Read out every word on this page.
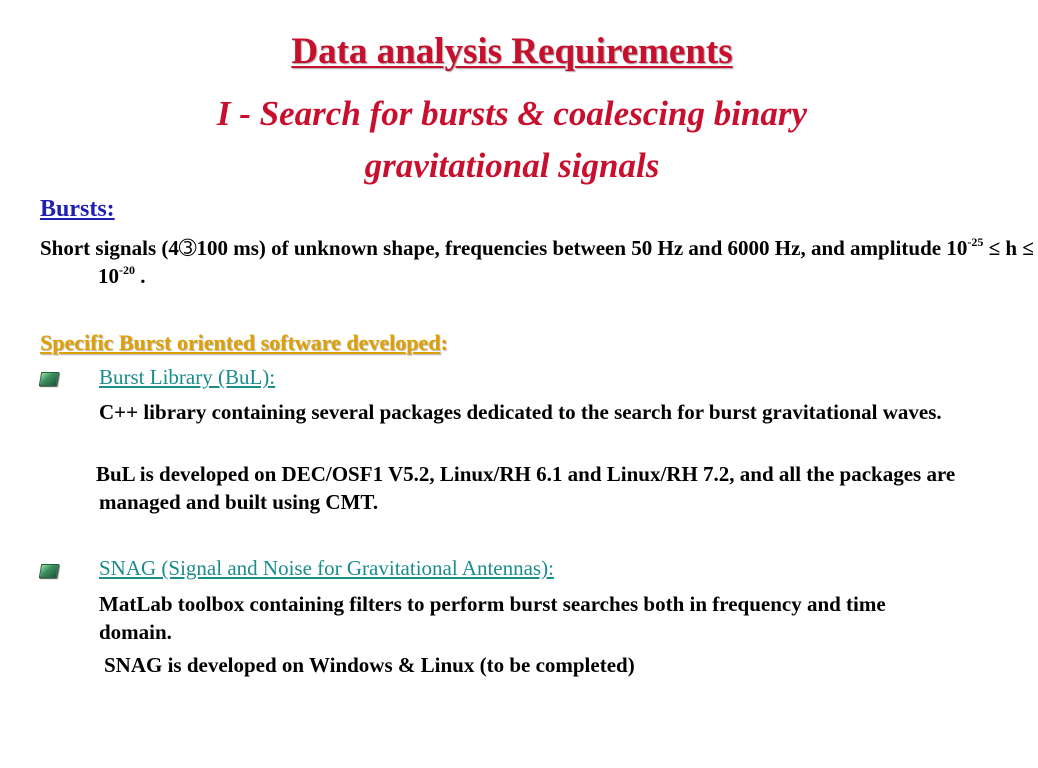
Data analysis Requirements
I - Search for bursts & coalescing binary
gravitational signals
Bursts:
Short signals (4➂100 ms) of unknown shape, frequencies between 50 Hz and 6000 Hz, and amplitude $10^{-25} \le h \le 10^{-20}$ .
Specific Burst oriented software developed:
Burst Library (BuL):
C++ library containing several packages dedicated to the search for burst gravitational waves.
BuL is developed on DEC/OSF1 V5.2, Linux/RH 6.1 and Linux/RH 7.2, and all the packages are managed and built using CMT.
SNAG (Signal and Noise for Gravitational Antennas):
MatLab toolbox containing filters to perform burst searches both in frequency and time domain.
SNAG is developed on Windows & Linux (to be completed)
